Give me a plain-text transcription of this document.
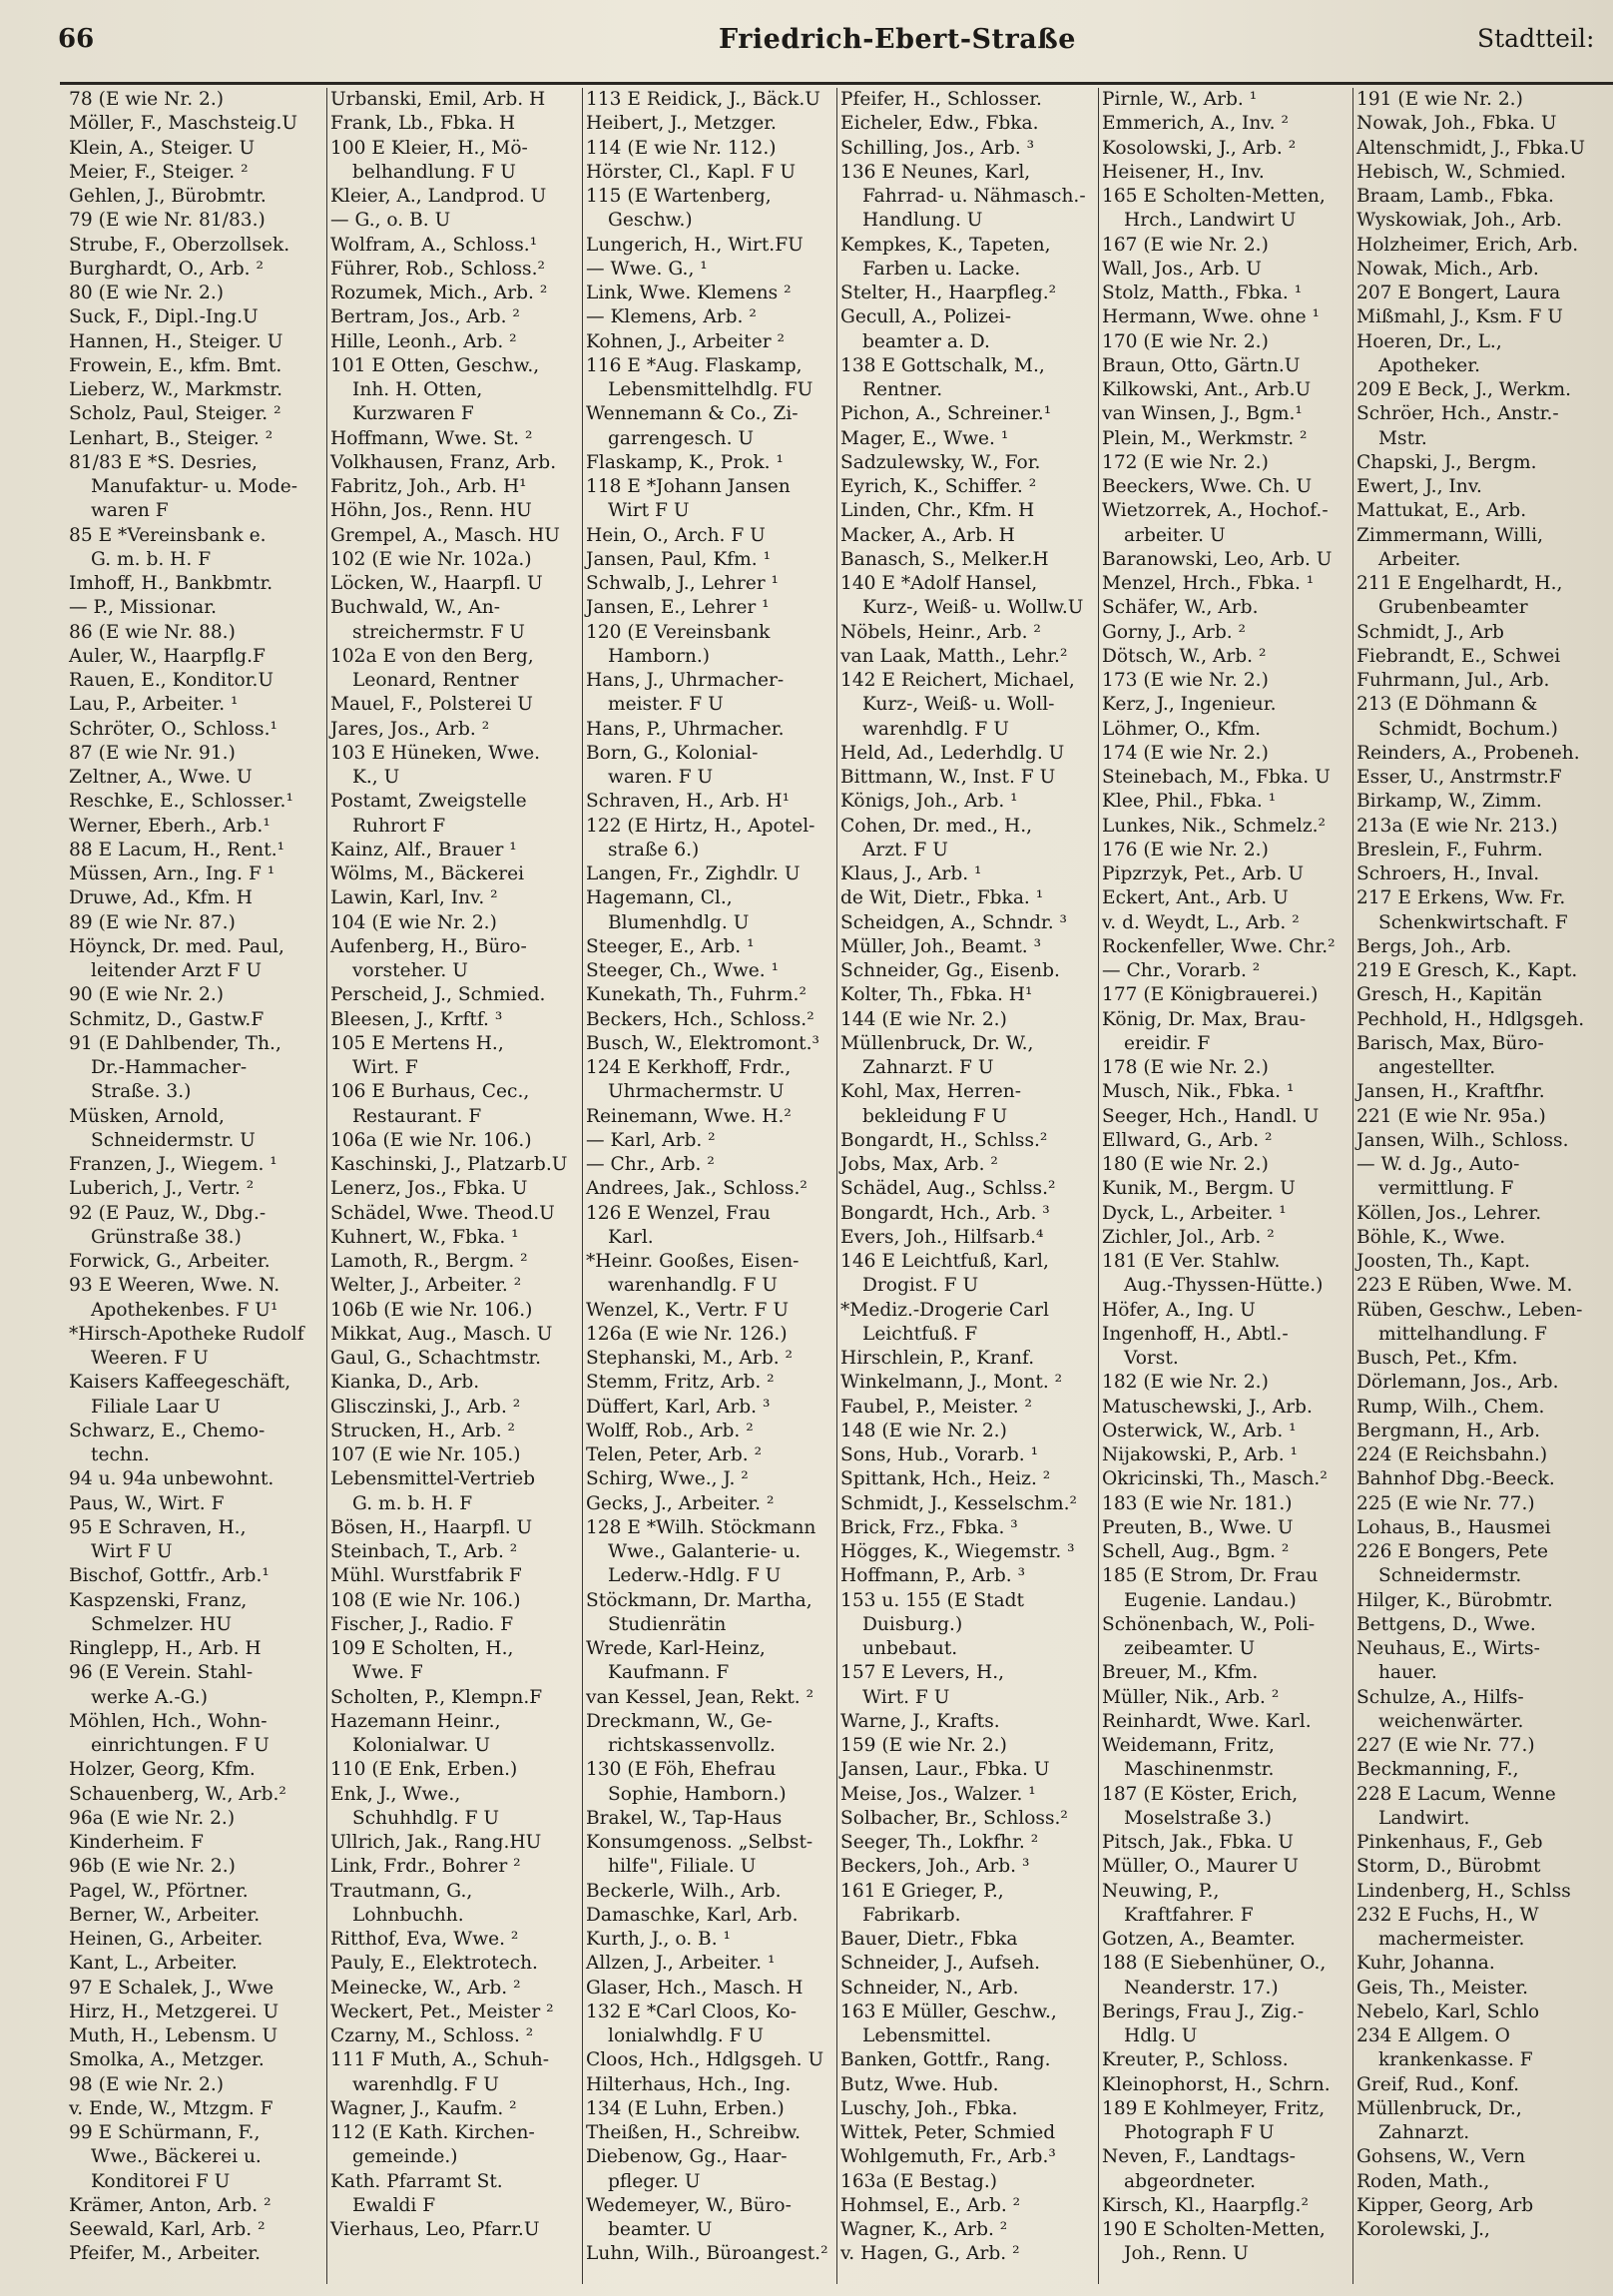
66	Friedrich-Ebert-Straße	Stadtteil:
78 (E wie Nr. 2.)
Möller, F., Maschsteig.U
Klein, A., Steiger. U
Meier, F., Steiger. ²
Gehlen, J., Bürobmtr.
79 (E wie Nr. 81/83.)
Strube, F., Oberzollsek.
Burghardt, O., Arb. ²
80 (E wie Nr. 2.)
Suck, F., Dipl.-Ing.U
Hannen, H., Steiger. U
Frowein, E., kfm. Bmt.
Lieberz, W., Markmstr.
Scholz, Paul, Steiger. ²
Lenhart, B., Steiger. ²
81/83 E *S. Desries,
Manufaktur- u. Mode-
waren F
85 E *Vereinsbank e.
G. m. b. H. F
Imhoff, H., Bankbmtr.
— P., Missionar.
86 (E wie Nr. 88.)
Auler, W., Haarpflg.F
Rauen, E., Konditor.U
Lau, P., Arbeiter. ¹
Schröter, O., Schloss.¹
87 (E wie Nr. 91.)
Zeltner, A., Wwe. U
Reschke, E., Schlosser.¹
Werner, Eberh., Arb.¹
88 E Lacum, H., Rent.¹
Müssen, Arn., Ing. F ¹
Druwe, Ad., Kfm. H
89 (E wie Nr. 87.)
Höynck, Dr. med. Paul,
leitender Arzt F U
90 (E wie Nr. 2.)
Schmitz, D., Gastw.F
91 (E Dahlbender, Th.,
Dr.-Hammacher-
Straße. 3.)
Müsken, Arnold,
Schneidermstr. U
Franzen, J., Wiegem. ¹
Luberich, J., Vertr. ²
92 (E Pauz, W., Dbg.-
Grünstraße 38.)
Forwick, G., Arbeiter.
93 E Weeren, Wwe. N.
Apothekenbes. F U¹
*Hirsch-Apotheke Rudolf
Weeren. F U
Kaisers Kaffeegeschäft,
Filiale Laar U
Schwarz, E., Chemo-
techn.
94 u. 94a unbewohnt.
Paus, W., Wirt. F
95 E Schraven, H.,
Wirt F U
Bischof, Gottfr., Arb.¹
Kaspzenski, Franz,
Schmelzer. HU
Ringlepp, H., Arb. H
96 (E Verein. Stahl-
werke A.-G.)
Möhlen, Hch., Wohn-
einrichtungen. F U
Holzer, Georg, Kfm.
Schauenberg, W., Arb.²
96a (E wie Nr. 2.)
Kinderheim. F
96b (E wie Nr. 2.)
Pagel, W., Pförtner.
Berner, W., Arbeiter.
Heinen, G., Arbeiter.
Kant, L., Arbeiter.
97 E Schalek, J., Wwe
Hirz, H., Metzgerei. U
Muth, H., Lebensm. U
Smolka, A., Metzger.
98 (E wie Nr. 2.)
v. Ende, W., Mtzgm. F
99 E Schürmann, F.,
Wwe., Bäckerei u.
Konditorei F U
Krämer, Anton, Arb. ²
Seewald, Karl, Arb. ²
Pfeifer, M., Arbeiter.
Urbanski, Emil, Arb. H
Frank, Lb., Fbka. H
100 E Kleier, H., Mö-
belhandlung. F U
Kleier, A., Landprod. U
— G., o. B. U
Wolfram, A., Schloss.¹
Führer, Rob., Schloss.²
Rozumek, Mich., Arb. ²
Bertram, Jos., Arb. ²
Hille, Leonh., Arb. ²
101 E Otten, Geschw.,
Inh. H. Otten,
Kurzwaren F
Hoffmann, Wwe. St. ²
Volkhausen, Franz, Arb.
Fabritz, Joh., Arb. H¹
Höhn, Jos., Renn. HU
Grempel, A., Masch. HU
102 (E wie Nr. 102a.)
Löcken, W., Haarpfl. U
Buchwald, W., An-
streichermstr. F U
102a E von den Berg,
Leonard, Rentner
Mauel, F., Polsterei U
Jares, Jos., Arb. ²
103 E Hüneken, Wwe.
K., U
Postamt, Zweigstelle
Ruhrort F
Kainz, Alf., Brauer ¹
Wölms, M., Bäckerei
Lawin, Karl, Inv. ²
104 (E wie Nr. 2.)
Aufenberg, H., Büro-
vorsteher. U
Perscheid, J., Schmied.
Bleesen, J., Krftf. ³
105 E Mertens H.,
Wirt. F
106 E Burhaus, Cec.,
Restaurant. F
106a (E wie Nr. 106.)
Kaschinski, J., Platzarb.U
Lenerz, Jos., Fbka. U
Schädel, Wwe. Theod.U
Kuhnert, W., Fbka. ¹
Lamoth, R., Bergm. ²
Welter, J., Arbeiter. ²
106b (E wie Nr. 106.)
Mikkat, Aug., Masch. U
Gaul, G., Schachtmstr.
Kianka, D., Arb.
Glisczinski, J., Arb. ²
Strucken, H., Arb. ²
107 (E wie Nr. 105.)
Lebensmittel-Vertrieb
G. m. b. H. F
Bösen, H., Haarpfl. U
Steinbach, T., Arb. ²
Mühl. Wurstfabrik F
108 (E wie Nr. 106.)
Fischer, J., Radio. F
109 E Scholten, H.,
Wwe. F
Scholten, P., Klempn.F
Hazemann Heinr.,
Kolonialwar. U
110 (E Enk, Erben.)
Enk, J., Wwe.,
Schuhhdlg. F U
Ullrich, Jak., Rang.HU
Link, Frdr., Bohrer ²
Trautmann, G.,
Lohnbuchh.
Ritthof, Eva, Wwe. ²
Pauly, E., Elektrotech.
Meinecke, W., Arb. ²
Weckert, Pet., Meister ²
Czarny, M., Schloss. ²
111 F Muth, A., Schuh-
warenhdlg. F U
Wagner, J., Kaufm. ²
112 (E Kath. Kirchen-
gemeinde.)
Kath. Pfarramt St.
Ewaldi F
Vierhaus, Leo, Pfarr.U
113 E Reidick, J., Bäck.U
Heibert, J., Metzger.
114 (E wie Nr. 112.)
Hörster, Cl., Kapl. F U
115 (E Wartenberg,
Geschw.)
Lungerich, H., Wirt.FU
— Wwe. G., ¹
Link, Wwe. Klemens ²
— Klemens, Arb. ²
Kohnen, J., Arbeiter ²
116 E *Aug. Flaskamp,
Lebensmittelhdlg. FU
Wennemann & Co., Zi-
garrengesch. U
Flaskamp, K., Prok. ¹
118 E *Johann Jansen
Wirt F U
Hein, O., Arch. F U
Jansen, Paul, Kfm. ¹
Schwalb, J., Lehrer ¹
Jansen, E., Lehrer ¹
120 (E Vereinsbank
Hamborn.)
Hans, J., Uhrmacher-
meister. F U
Hans, P., Uhrmacher.
Born, G., Kolonial-
waren. F U
Schraven, H., Arb. H¹
122 (E Hirtz, H., Apotel-
straße 6.)
Langen, Fr., Zighdlr. U
Hagemann, Cl.,
Blumenhdlg. U
Steeger, E., Arb. ¹
Steeger, Ch., Wwe. ¹
Kunekath, Th., Fuhrm.²
Beckers, Hch., Schloss.²
Busch, W., Elektromont.³
124 E Kerkhoff, Frdr.,
Uhrmachermstr. U
Reinemann, Wwe. H.²
— Karl, Arb. ²
— Chr., Arb. ²
Andrees, Jak., Schloss.²
126 E Wenzel, Frau
Karl.
*Heinr. Gooßes, Eisen-
warenhandlg. F U
Wenzel, K., Vertr. F U
126a (E wie Nr. 126.)
Stephanski, M., Arb. ²
Stemm, Fritz, Arb. ²
Düffert, Karl, Arb. ³
Wolff, Rob., Arb. ²
Telen, Peter, Arb. ²
Schirg, Wwe., J. ²
Gecks, J., Arbeiter. ²
128 E *Wilh. Stöckmann
Wwe., Galanterie- u.
Lederw.-Hdlg. F U
Stöckmann, Dr. Martha,
Studienrätin
Wrede, Karl-Heinz,
Kaufmann. F
van Kessel, Jean, Rekt. ²
Dreckmann, W., Ge-
richtskassenvollz.
130 (E Föh, Ehefrau
Sophie, Hamborn.)
Brakel, W., Tap-Haus
Konsumgenoss. „Selbst-
hilfe", Filiale. U
Beckerle, Wilh., Arb.
Damaschke, Karl, Arb.
Kurth, J., o. B. ¹
Allzen, J., Arbeiter. ¹
Glaser, Hch., Masch. H
132 E *Carl Cloos, Ko-
lonialwhdlg. F U
Cloos, Hch., Hdlgsgeh. U
Hilterhaus, Hch., Ing.
134 (E Luhn, Erben.)
Theißen, H., Schreibw.
Diebenow, Gg., Haar-
pfleger. U
Wedemeyer, W., Büro-
beamter. U
Luhn, Wilh., Büroangest.²
Pfeifer, H., Schlosser.
Eicheler, Edw., Fbka.
Schilling, Jos., Arb. ³
136 E Neunes, Karl,
Fahrrad- u. Nähmasch.-
Handlung. U
Kempkes, K., Tapeten,
Farben u. Lacke.
Stelter, H., Haarpfleg.²
Gecull, A., Polizei-
beamter a. D.
138 E Gottschalk, M.,
Rentner.
Pichon, A., Schreiner.¹
Mager, E., Wwe. ¹
Sadzulewsky, W., For.
Eyrich, K., Schiffer. ²
Linden, Chr., Kfm. H
Macker, A., Arb. H
Banasch, S., Melker.H
140 E *Adolf Hansel,
Kurz-, Weiß- u. Wollw.U
Nöbels, Heinr., Arb. ²
van Laak, Matth., Lehr.²
142 E Reichert, Michael,
Kurz-, Weiß- u. Woll-
warenhdlg. F U
Held, Ad., Lederhdlg. U
Bittmann, W., Inst. F U
Königs, Joh., Arb. ¹
Cohen, Dr. med., H.,
Arzt. F U
Klaus, J., Arb. ¹
de Wit, Dietr., Fbka. ¹
Scheidgen, A., Schndr. ³
Müller, Joh., Beamt. ³
Schneider, Gg., Eisenb.
Kolter, Th., Fbka. H¹
144 (E wie Nr. 2.)
Müllenbruck, Dr. W.,
Zahnarzt. F U
Kohl, Max, Herren-
bekleidung F U
Bongardt, H., Schlss.²
Jobs, Max, Arb. ²
Schädel, Aug., Schlss.²
Bongardt, Hch., Arb. ³
Evers, Joh., Hilfsarb.⁴
146 E Leichtfuß, Karl,
Drogist. F U
*Mediz.-Drogerie Carl
Leichtfuß. F
Hirschlein, P., Kranf.
Winkelmann, J., Mont. ²
Faubel, P., Meister. ²
148 (E wie Nr. 2.)
Sons, Hub., Vorarb. ¹
Spittank, Hch., Heiz. ²
Schmidt, J., Kesselschm.²
Brick, Frz., Fbka. ³
Högges, K., Wiegemstr. ³
Hoffmann, P., Arb. ³
153 u. 155 (E Stadt
Duisburg.)
unbebaut.
157 E Levers, H.,
Wirt. F U
Warne, J., Krafts.
159 (E wie Nr. 2.)
Jansen, Laur., Fbka. U
Meise, Jos., Walzer. ¹
Solbacher, Br., Schloss.²
Seeger, Th., Lokfhr. ²
Beckers, Joh., Arb. ³
161 E Grieger, P.,
Fabrikarb.
Bauer, Dietr., Fbka
Schneider, J., Aufseh.
Schneider, N., Arb.
163 E Müller, Geschw.,
Lebensmittel.
Banken, Gottfr., Rang.
Butz, Wwe. Hub.
Luschy, Joh., Fbka.
Wittek, Peter, Schmied
Wohlgemuth, Fr., Arb.³
163a (E Bestag.)
Hohmsel, E., Arb. ²
Wagner, K., Arb. ²
v. Hagen, G., Arb. ²
Pirnle, W., Arb. ¹
Emmerich, A., Inv. ²
Kosolowski, J., Arb. ²
Heisener, H., Inv.
165 E Scholten-Metten,
Hrch., Landwirt U
167 (E wie Nr. 2.)
Wall, Jos., Arb. U
Stolz, Matth., Fbka. ¹
Hermann, Wwe. ohne ¹
170 (E wie Nr. 2.)
Braun, Otto, Gärtn.U
Kilkowski, Ant., Arb.U
van Winsen, J., Bgm.¹
Plein, M., Werkmstr. ²
172 (E wie Nr. 2.)
Beeckers, Wwe. Ch. U
Wietzorrek, A., Hochof.-
arbeiter. U
Baranowski, Leo, Arb. U
Menzel, Hrch., Fbka. ¹
Schäfer, W., Arb.
Gorny, J., Arb. ²
Dötsch, W., Arb. ²
173 (E wie Nr. 2.)
Kerz, J., Ingenieur.
Löhmer, O., Kfm.
174 (E wie Nr. 2.)
Steinebach, M., Fbka. U
Klee, Phil., Fbka. ¹
Lunkes, Nik., Schmelz.²
176 (E wie Nr. 2.)
Pipzrzyk, Pet., Arb. U
Eckert, Ant., Arb. U
v. d. Weydt, L., Arb. ²
Rockenfeller, Wwe. Chr.²
— Chr., Vorarb. ²
177 (E Königbrauerei.)
König, Dr. Max, Brau-
ereidir. F
178 (E wie Nr. 2.)
Musch, Nik., Fbka. ¹
Seeger, Hch., Handl. U
Ellward, G., Arb. ²
180 (E wie Nr. 2.)
Kunik, M., Bergm. U
Dyck, L., Arbeiter. ¹
Zichler, Jol., Arb. ²
181 (E Ver. Stahlw.
Aug.-Thyssen-Hütte.)
Höfer, A., Ing. U
Ingenhoff, H., Abtl.-
Vorst.
182 (E wie Nr. 2.)
Matuschewski, J., Arb.
Osterwick, W., Arb. ¹
Nijakowski, P., Arb. ¹
Okricinski, Th., Masch.²
183 (E wie Nr. 181.)
Preuten, B., Wwe. U
Schell, Aug., Bgm. ²
185 (E Strom, Dr. Frau
Eugenie. Landau.)
Schönenbach, W., Poli-
zeibeamter. U
Breuer, M., Kfm.
Müller, Nik., Arb. ²
Reinhardt, Wwe. Karl.
Weidemann, Fritz,
Maschinenmstr.
187 (E Köster, Erich,
Moselstraße 3.)
Pitsch, Jak., Fbka. U
Müller, O., Maurer U
Neuwing, P.,
Kraftfahrer. F
Gotzen, A., Beamter.
188 (E Siebenhüner, O.,
Neanderstr. 17.)
Berings, Frau J., Zig.-
Hdlg. U
Kreuter, P., Schloss.
Kleinophorst, H., Schrn.
189 E Kohlmeyer, Fritz,
Photograph F U
Neven, F., Landtags-
abgeordneter.
Kirsch, Kl., Haarpflg.²
190 E Scholten-Metten,
Joh., Renn. U
191 (E wie Nr. 2.)
Nowak, Joh., Fbka. U
Altenschmidt, J., Fbka.U
Hebisch, W., Schmied.
Braam, Lamb., Fbka.
Wyskowiak, Joh., Arb.
Holzheimer, Erich, Arb.
Nowak, Mich., Arb.
207 E Bongert, Laura
Mißmahl, J., Ksm. F U
Hoeren, Dr., L.,
Apotheker.
209 E Beck, J., Werkm.
Schröer, Hch., Anstr.-
Mstr.
Chapski, J., Bergm.
Ewert, J., Inv.
Mattukat, E., Arb.
Zimmermann, Willi,
Arbeiter.
211 E Engelhardt, H.,
Grubenbeamter
Schmidt, J., Arb
Fiebrandt, E., Schwei
Fuhrmann, Jul., Arb.
213 (E Döhmann &
Schmidt, Bochum.)
Reinders, A., Probeneh.
Esser, U., Anstrmstr.F
Birkamp, W., Zimm.
213a (E wie Nr. 213.)
Breslein, F., Fuhrm.
Schroers, H., Inval.
217 E Erkens, Ww. Fr.
Schenkwirtschaft. F
Bergs, Joh., Arb.
219 E Gresch, K., Kapt.
Gresch, H., Kapitän
Pechhold, H., Hdlgsgeh.
Barisch, Max, Büro-
angestellter.
Jansen, H., Kraftfhr.
221 (E wie Nr. 95a.)
Jansen, Wilh., Schloss.
— W. d. Jg., Auto-
vermittlung. F
Köllen, Jos., Lehrer.
Böhle, K., Wwe.
Joosten, Th., Kapt.
223 E Rüben, Wwe. M.
Rüben, Geschw., Leben-
mittelhandlung. F
Busch, Pet., Kfm.
Dörlemann, Jos., Arb.
Rump, Wilh., Chem.
Bergmann, H., Arb.
224 (E Reichsbahn.)
Bahnhof Dbg.-Beeck.
225 (E wie Nr. 77.)
Lohaus, B., Hausmei
226 E Bongers, Pete
Schneidermstr.
Hilger, K., Bürobmtr.
Bettgens, D., Wwe.
Neuhaus, E., Wirts-
hauer.
Schulze, A., Hilfs-
weichenwärter.
227 (E wie Nr. 77.)
Beckmanning, F.,
228 E Lacum, Wenne
Landwirt.
Pinkenhaus, F., Geb
Storm, D., Bürobmt
Lindenberg, H., Schlss
232 E Fuchs, H., W
machermeister.
Kuhr, Johanna.
Geis, Th., Meister.
Nebelo, Karl, Schlo
234 E Allgem. O
krankenkasse. F
Greif, Rud., Konf.
Müllenbruck, Dr.,
Zahnarzt.
Gohsens, W., Vern
Roden, Math.,
Kipper, Georg, Arb
Korolewski, J.,
